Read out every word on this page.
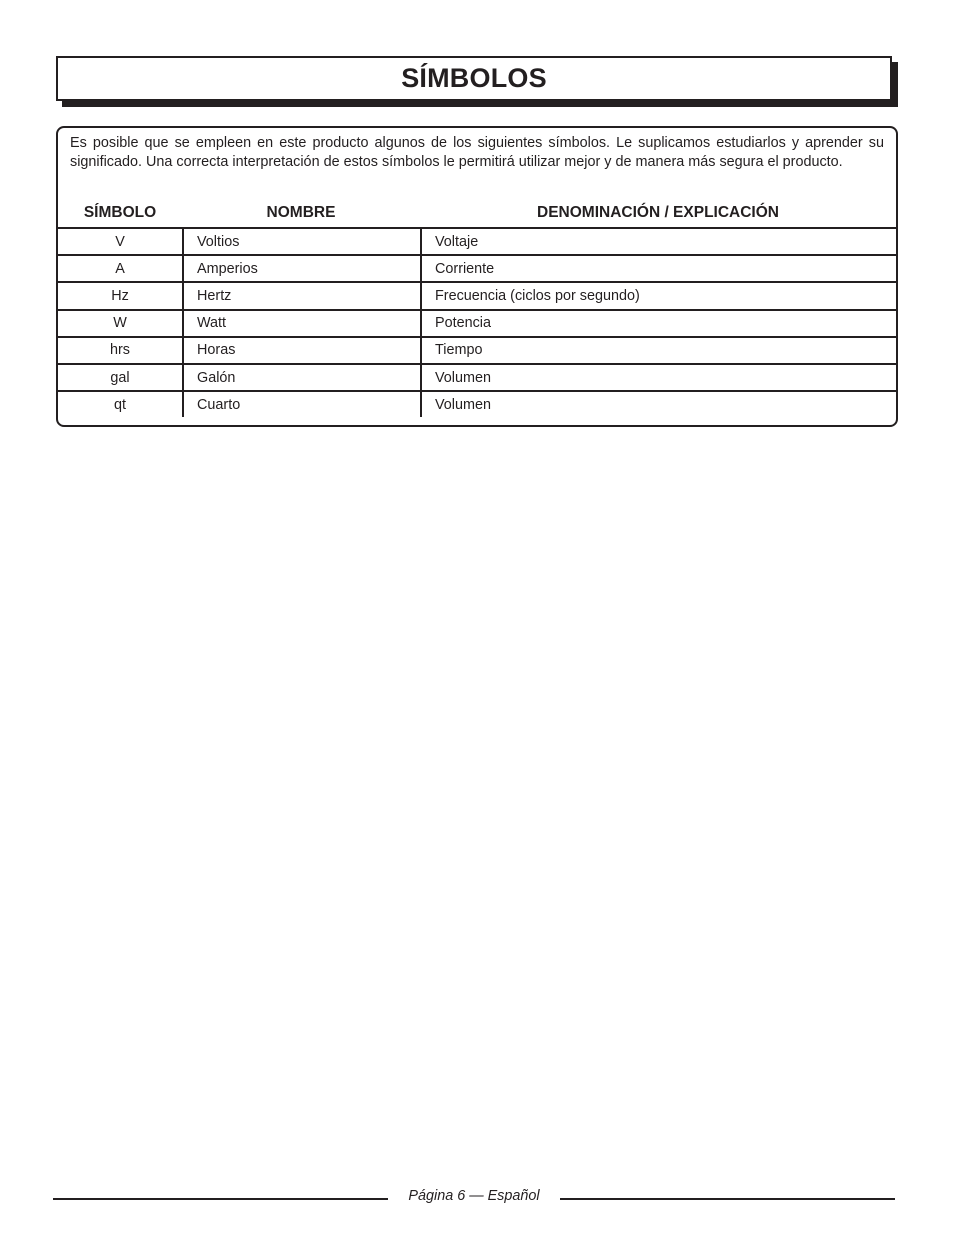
SÍMBOLOS

Es posible que se empleen en este producto algunos de los siguientes símbolos. Le suplicamos estudiarlos y aprender su significado. Una correcta interpretación de estos símbolos le permitirá utilizar mejor y de manera más segura el producto.

SÍMBOLO	NOMBRE	DENOMINACIÓN / EXPLICACIÓN
V	Voltios	Voltaje
A	Amperios	Corriente
Hz	Hertz	Frecuencia (ciclos por segundo)
W	Watt	Potencia
hrs	Horas	Tiempo
gal	Galón	Volumen
qt	Cuarto	Volumen
Página 6 — Español
